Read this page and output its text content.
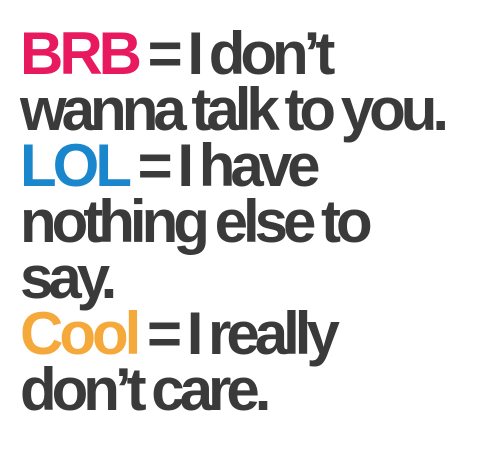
BRB = I don’t
wanna talk to you.
LOL = I have
nothing else to
say.
Cool = I really
don’t care.
